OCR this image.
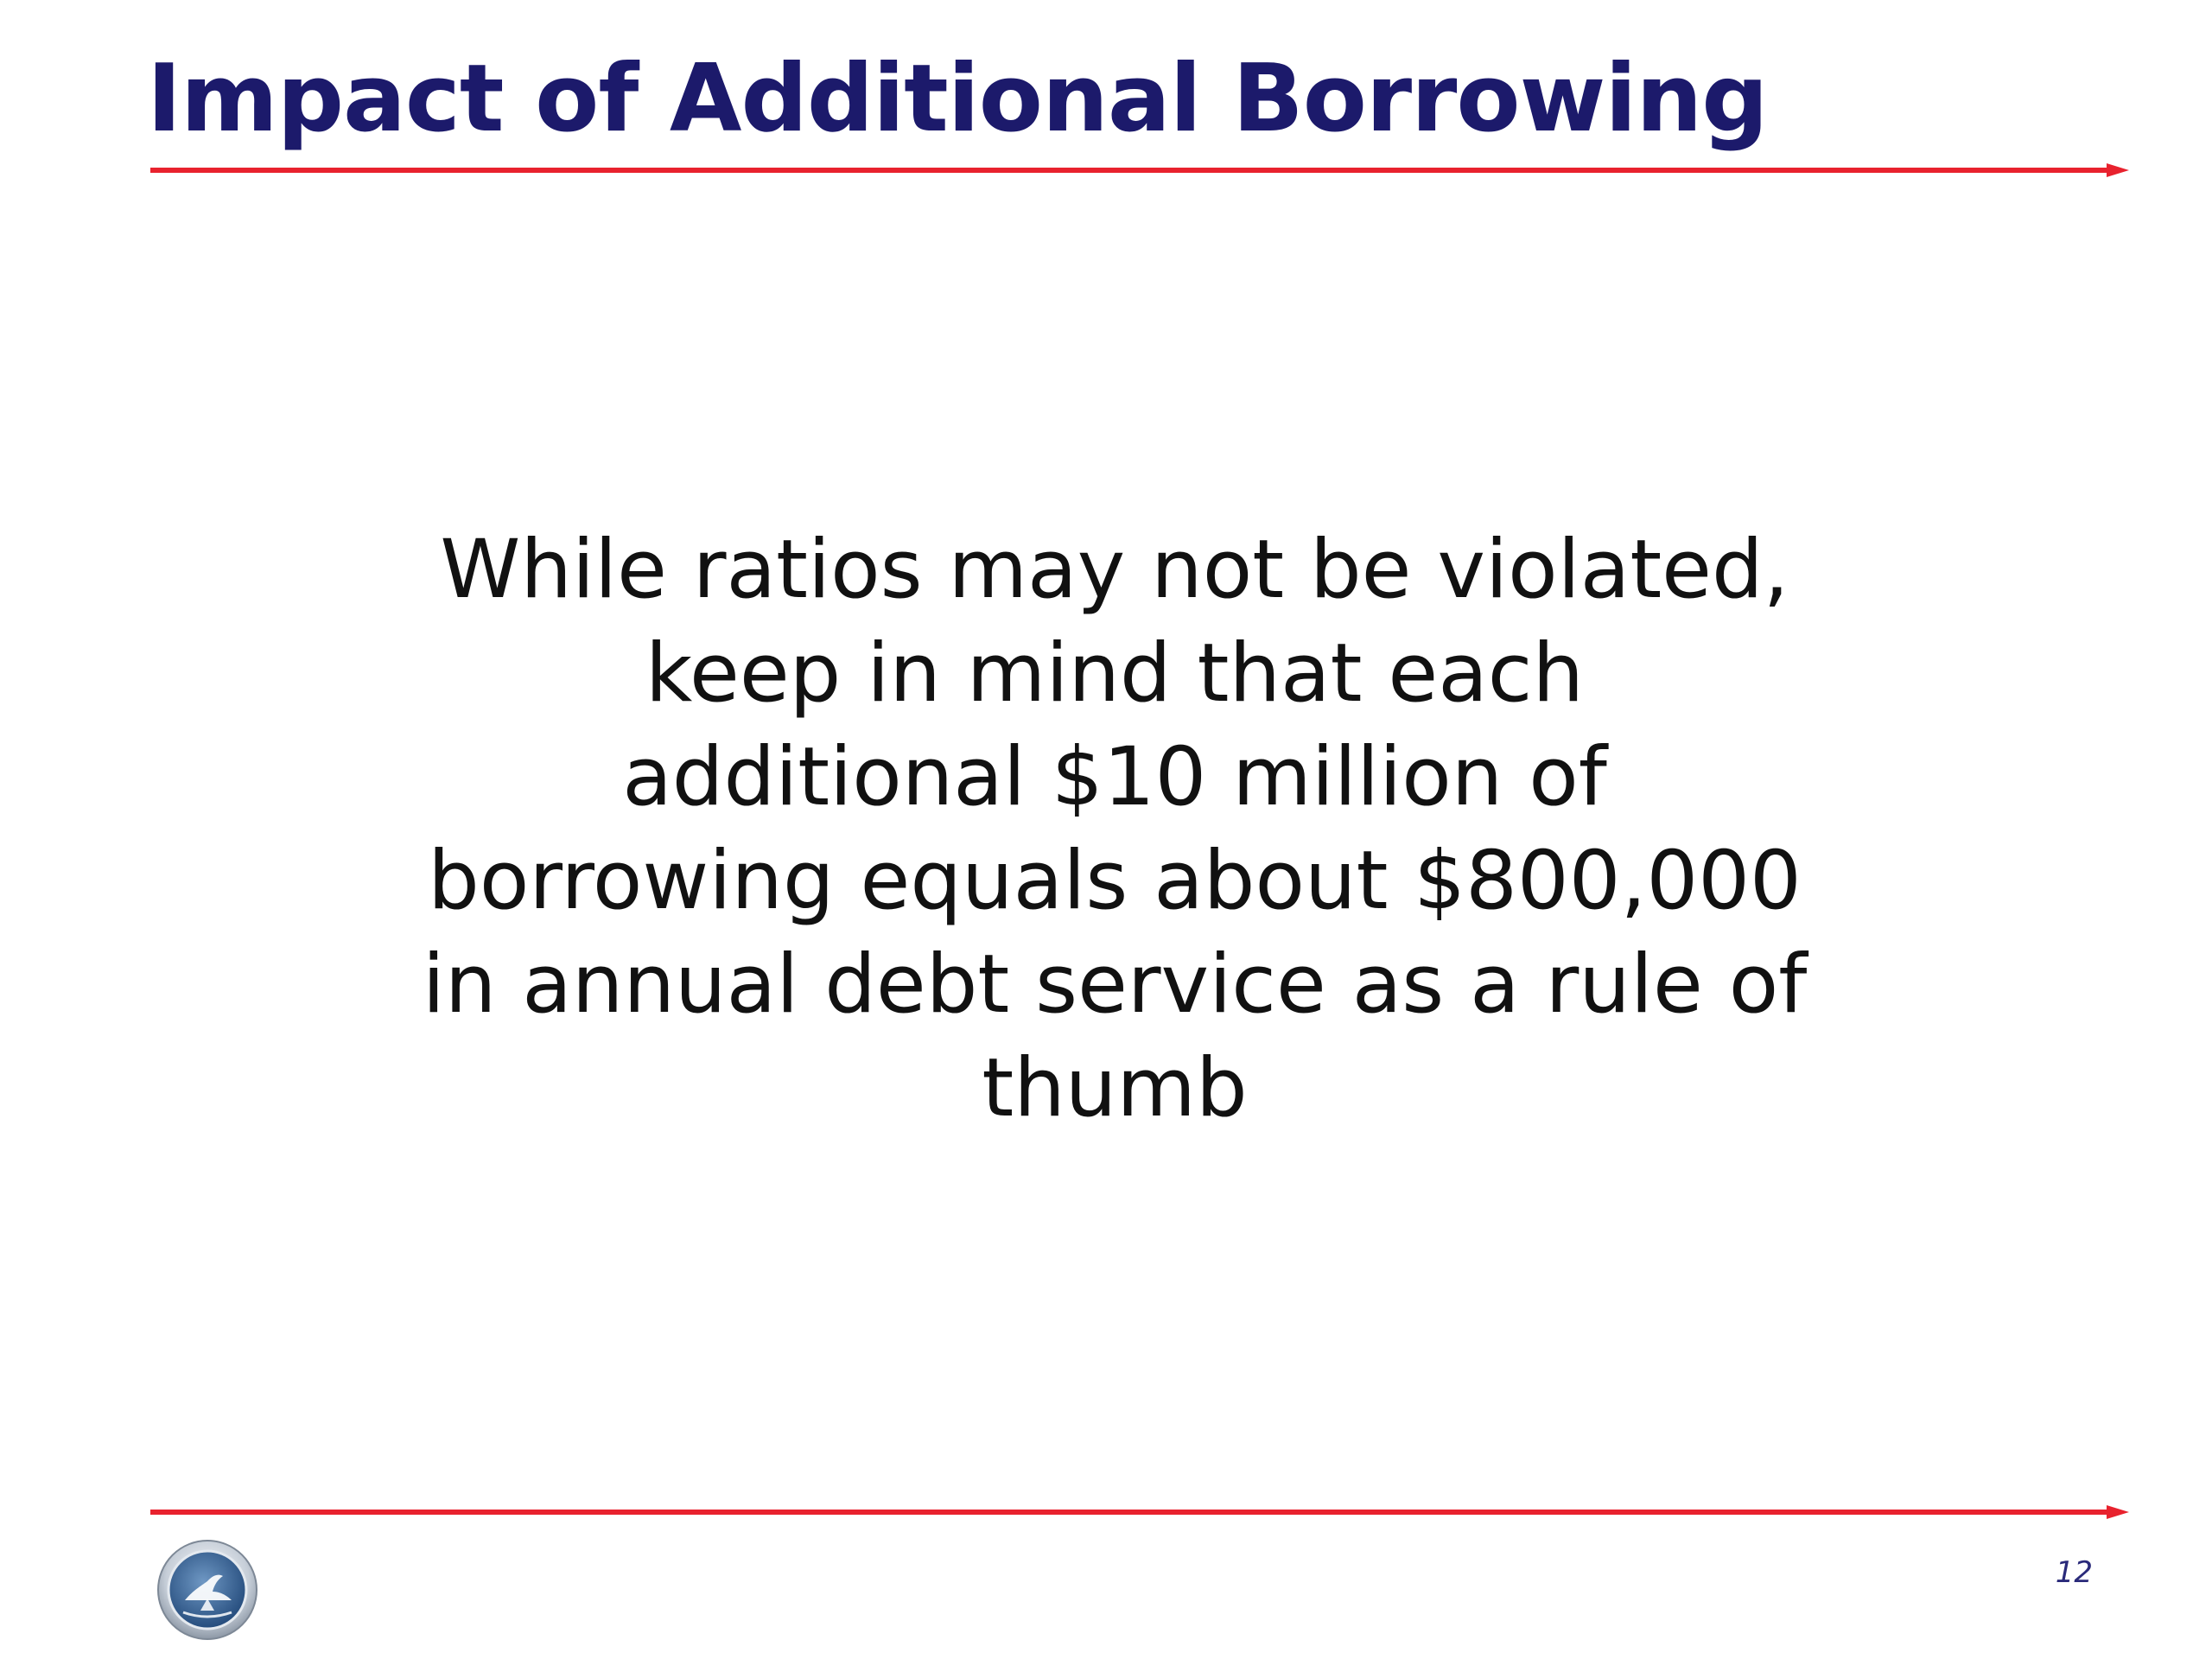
Impact of Additional Borrowing

While ratios may not be violated,
keep in mind that each
additional $10 million of
borrowing equals about $800,000
in annual debt service as a rule of
thumb

12
